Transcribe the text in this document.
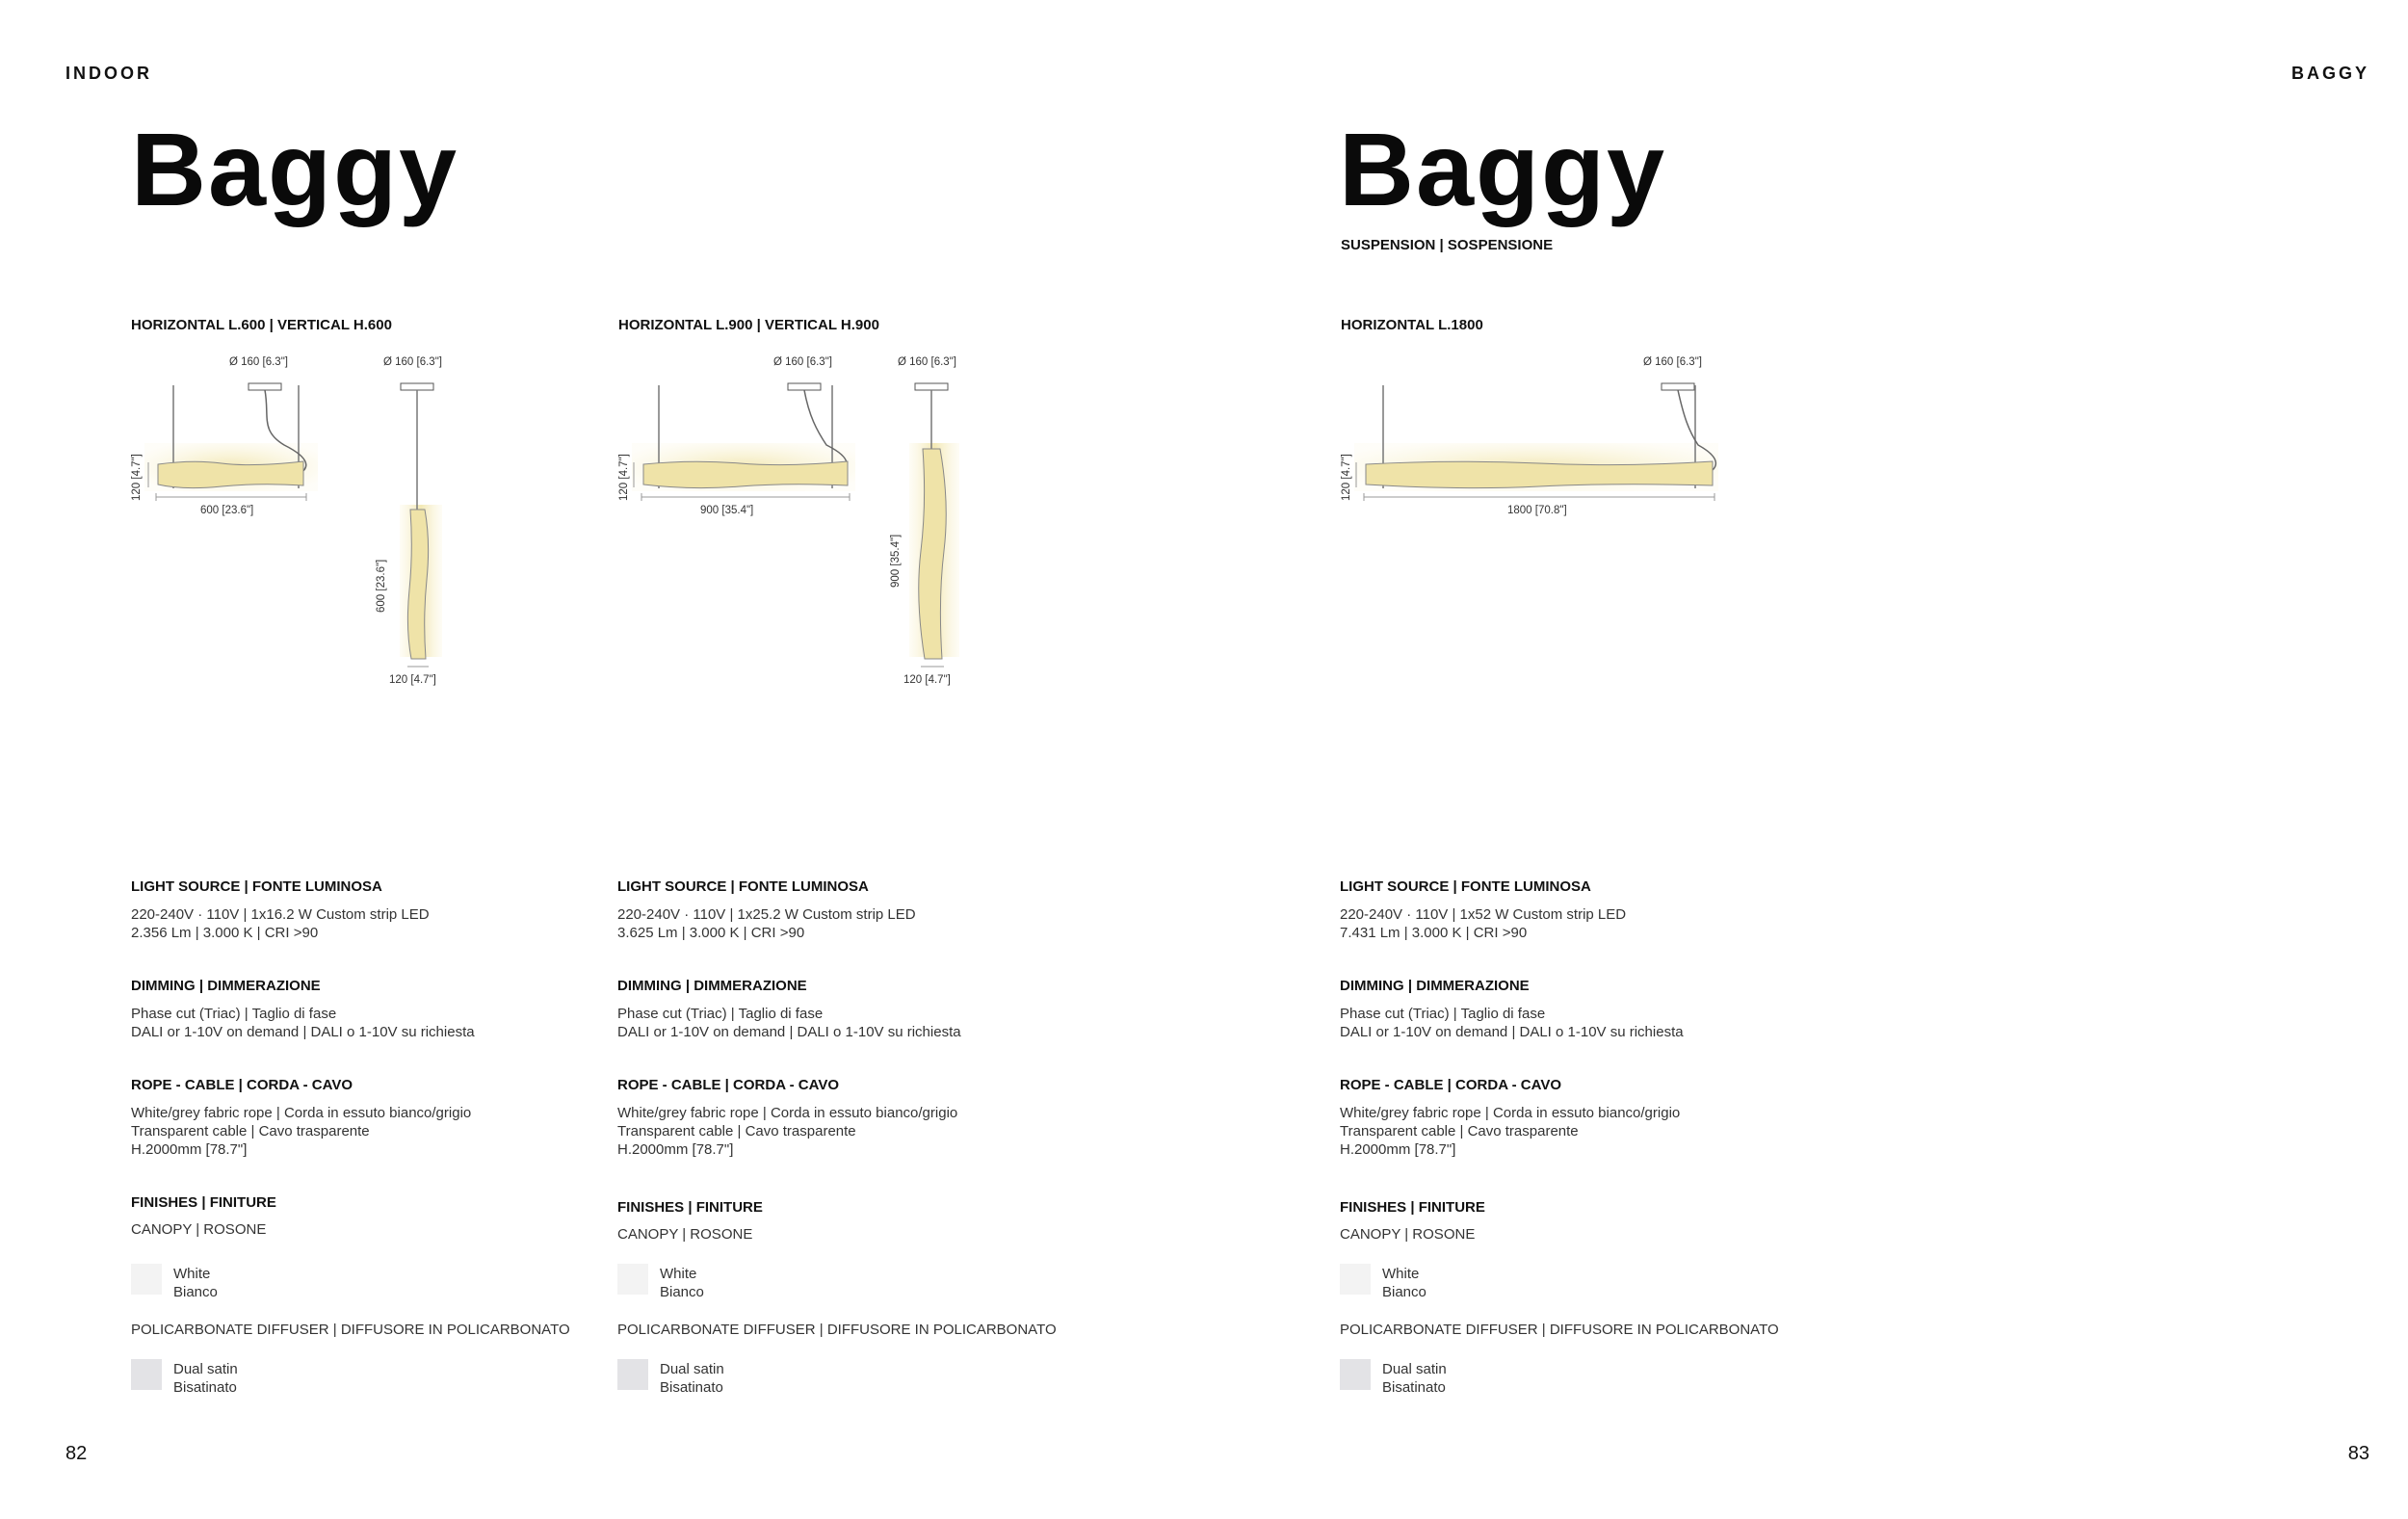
INDOOR	BAGGY
82	83
Baggy	Baggy
SUSPENSION | SOSPENSIONE
HORIZONTAL L.600 | VERTICAL H.600	HORIZONTAL L.900 | VERTICAL H.900	HORIZONTAL L.1800
Ø 160 [6.3"]	Ø 160 [6.3"]
120 [4.7"]
600 [23.6"]
600 [23.6"]
120 [4.7"]
Ø 160 [6.3"]	Ø 160 [6.3"]
120 [4.7"]
900 [35.4"]
900 [35.4"]
120 [4.7"]
Ø 160 [6.3"]
120 [4.7"]
1800 [70.8"]
LIGHT SOURCE | FONTE LUMINOSA
220-240V · 110V | 1x16.2 W Custom strip LED
2.356 Lm | 3.000 K | CRI >90
DIMMING | DIMMERAZIONE
Phase cut (Triac) | Taglio di fase
DALI or 1-10V on demand | DALI o 1-10V su richiesta
ROPE - CABLE | CORDA - CAVO
White/grey fabric rope | Corda in essuto bianco/grigio
Transparent cable | Cavo trasparente
H.2000mm [78.7"]
FINISHES | FINITURE
CANOPY | ROSONE
White
Bianco
POLICARBONATE DIFFUSER | DIFFUSORE IN POLICARBONATO
Dual satin
Bisatinato
LIGHT SOURCE | FONTE LUMINOSA
220-240V · 110V | 1x25.2 W Custom strip LED
3.625 Lm | 3.000 K | CRI >90
DIMMING | DIMMERAZIONE
Phase cut (Triac) | Taglio di fase
DALI or 1-10V on demand | DALI o 1-10V su richiesta
ROPE - CABLE | CORDA - CAVO
White/grey fabric rope | Corda in essuto bianco/grigio
Transparent cable | Cavo trasparente
H.2000mm [78.7"]
FINISHES | FINITURE
CANOPY | ROSONE
White
Bianco
POLICARBONATE DIFFUSER | DIFFUSORE IN POLICARBONATO
Dual satin
Bisatinato
LIGHT SOURCE | FONTE LUMINOSA
220-240V · 110V | 1x52 W Custom strip LED
7.431 Lm | 3.000 K | CRI >90
DIMMING | DIMMERAZIONE
Phase cut (Triac) | Taglio di fase
DALI or 1-10V on demand | DALI o 1-10V su richiesta
ROPE - CABLE | CORDA - CAVO
White/grey fabric rope | Corda in essuto bianco/grigio
Transparent cable | Cavo trasparente
H.2000mm [78.7"]
FINISHES | FINITURE
CANOPY | ROSONE
White
Bianco
POLICARBONATE DIFFUSER | DIFFUSORE IN POLICARBONATO
Dual satin
Bisatinato
